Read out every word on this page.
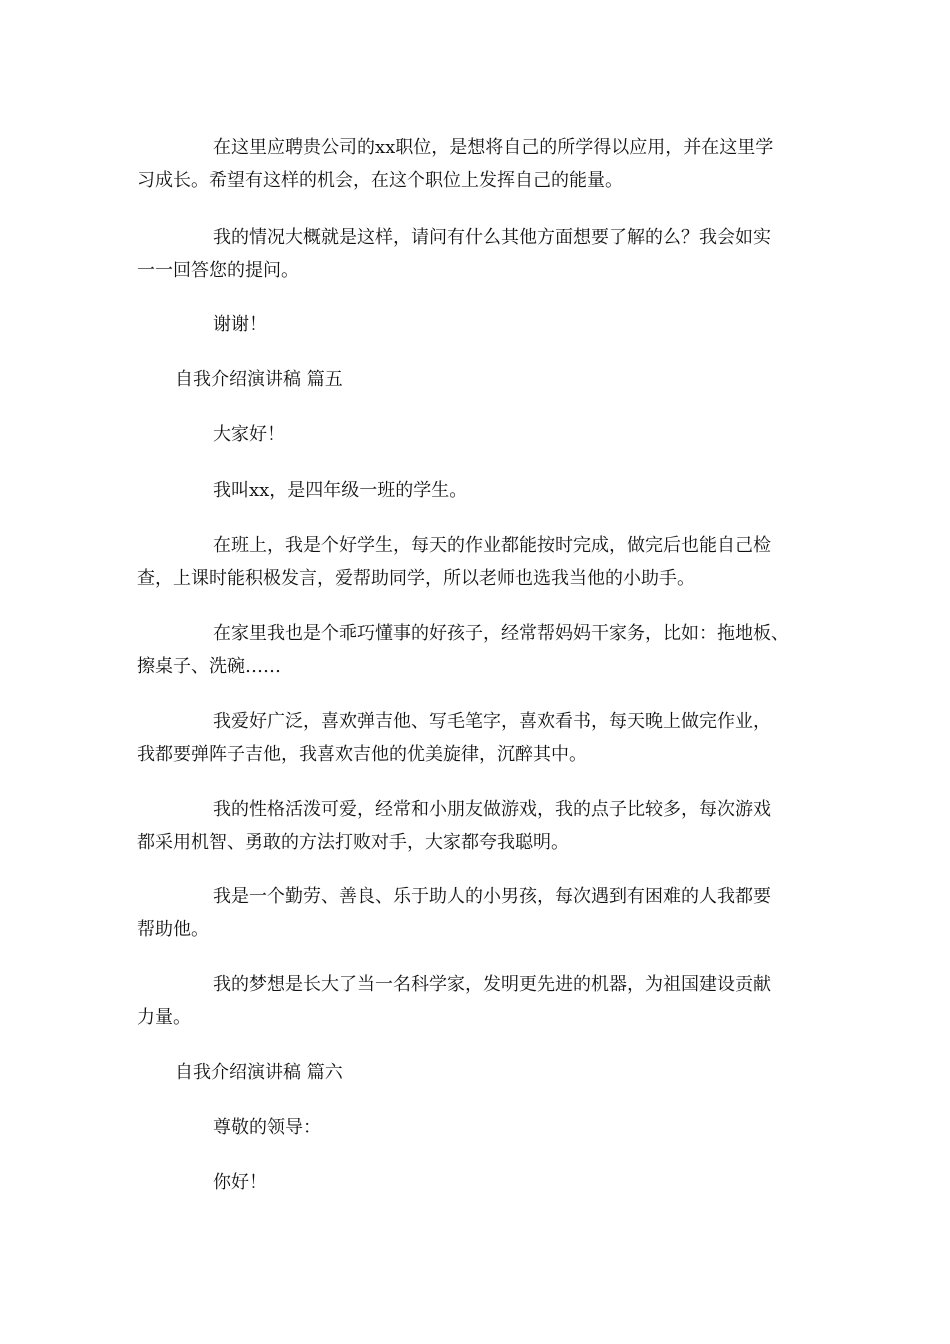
在这里应聘贵公司的xx职位，是想将自己的所学得以应用，并在这里学
习成长。希望有这样的机会，在这个职位上发挥自己的能量。

我的情况大概就是这样，请问有什么其他方面想要了解的么？我会如实
一一回答您的提问。

谢谢！

自我介绍演讲稿 篇五

大家好！

我叫xx，是四年级一班的学生。

在班上，我是个好学生，每天的作业都能按时完成，做完后也能自己检
查，上课时能积极发言，爱帮助同学，所以老师也选我当他的小助手。

在家里我也是个乖巧懂事的好孩子，经常帮妈妈干家务，比如：拖地板、
擦桌子、洗碗……

我爱好广泛，喜欢弹吉他、写毛笔字，喜欢看书，每天晚上做完作业，
我都要弹阵子吉他，我喜欢吉他的优美旋律，沉醉其中。

我的性格活泼可爱，经常和小朋友做游戏，我的点子比较多，每次游戏
都采用机智、勇敢的方法打败对手，大家都夸我聪明。

我是一个勤劳、善良、乐于助人的小男孩，每次遇到有困难的人我都要
帮助他。

我的梦想是长大了当一名科学家，发明更先进的机器，为祖国建设贡献
力量。

自我介绍演讲稿 篇六

尊敬的领导：

你好！
